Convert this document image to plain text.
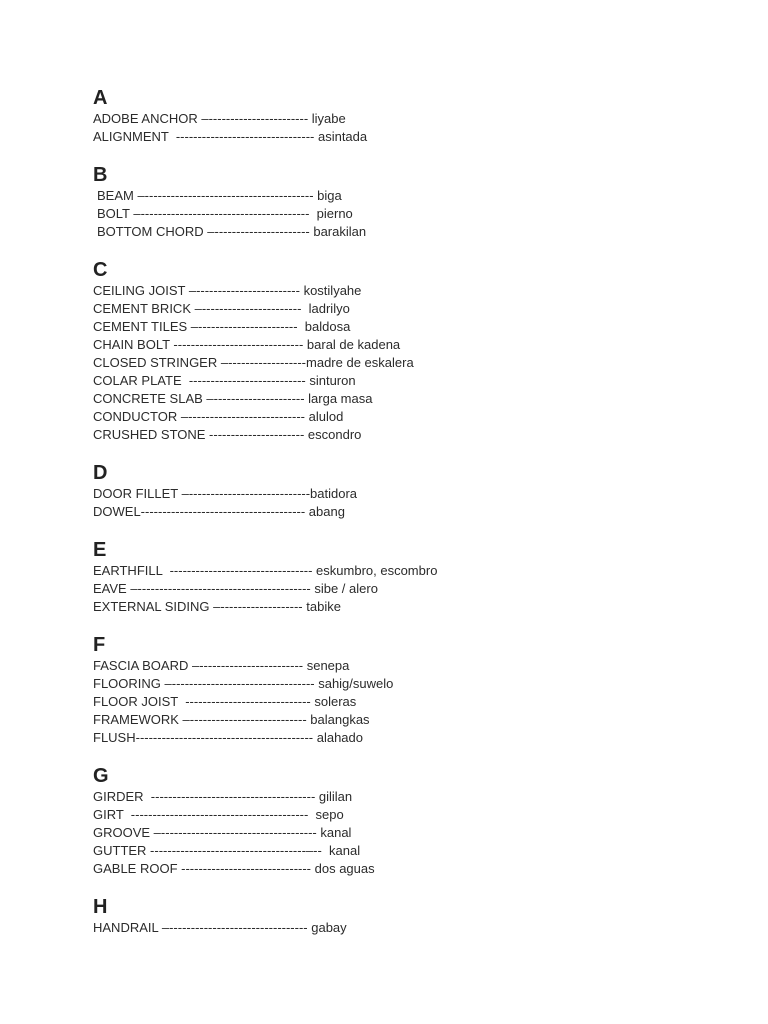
A
ADOBE ANCHOR –----------------------- liyabe
ALIGNMENT  -------------------------------- asintada
B
BEAM –--------------------------------------- biga
BOLT –---------------------------------------  pierno
BOTTOM CHORD –---------------------- barakilan
C
CEILING JOIST –------------------------ kostilyahe
CEMENT BRICK –-----------------------  ladrilyo
CEMENT TILES –-----------------------  baldosa
CHAIN BOLT ------------------------------ baral de kadena
CLOSED STRINGER –------------------madre de eskalera
COLAR PLATE  --------------------------- sinturon
CONCRETE SLAB –--------------------- larga masa
CONDUCTOR –--------------------------- alulod
CRUSHED STONE ---------------------- escondro
D
DOOR FILLET –----------------------------batidora
DOWEL-------------------------------------- abang
E
EARTHFILL  --------------------------------- eskumbro, escombro
EAVE –---------------------------------------- sibe / alero
EXTERNAL SIDING –------------------- tabike
F
FASCIA BOARD –------------------------ senepa
FLOORING –--------------------------------- sahig/suwelo
FLOOR JOIST  ----------------------------- soleras
FRAMEWORK –--------------------------- balangkas
FLUSH----------------------------------------- alahado
G
GIRDER  -------------------------------------- gililan
GIRT  -----------------------------------------  sepo
GROOVE –------------------------------------ kanal
GUTTER ------------------------------------–--  kanal
GABLE ROOF ------------------------------ dos aguas
H
HANDRAIL –-------------------------------- gabay
